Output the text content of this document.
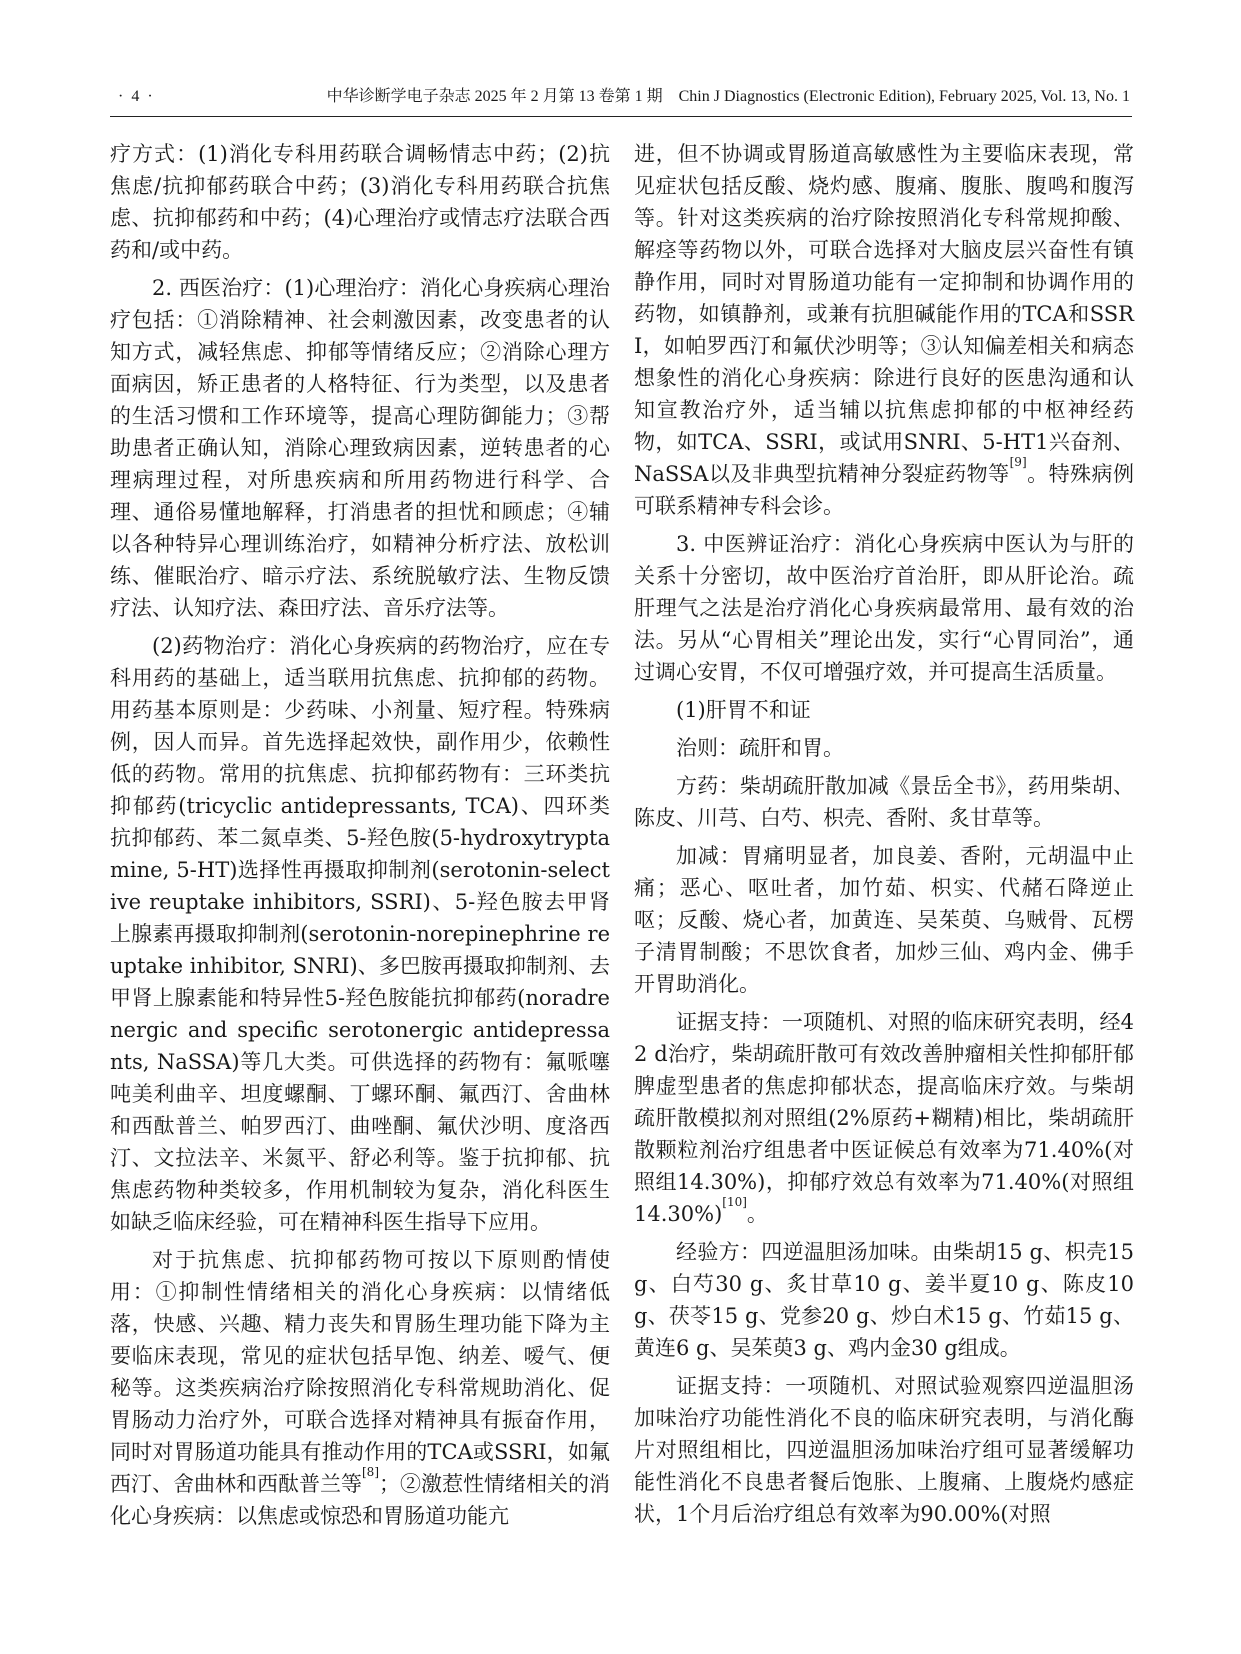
· 4 ·	中华诊断学电子杂志 2025 年 2 月第 13 卷第 1 期　Chin J Diagnostics (Electronic Edition), February 2025, Vol. 13, No. 1

疗方式：(1)消化专科用药联合调畅情志中药；(2)抗焦虑/抗抑郁药联合中药；(3)消化专科用药联合抗焦虑、抗抑郁药和中药；(4)心理治疗或情志疗法联合西药和/或中药。

2. 西医治疗：(1)心理治疗：消化心身疾病心理治疗包括：①消除精神、社会刺激因素，改变患者的认知方式，减轻焦虑、抑郁等情绪反应；②消除心理方面病因，矫正患者的人格特征、行为类型，以及患者的生活习惯和工作环境等，提高心理防御能力；③帮助患者正确认知，消除心理致病因素，逆转患者的心理病理过程，对所患疾病和所用药物进行科学、合理、通俗易懂地解释，打消患者的担忧和顾虑；④辅以各种特异心理训练治疗，如精神分析疗法、放松训练、催眠治疗、暗示疗法、系统脱敏疗法、生物反馈疗法、认知疗法、森田疗法、音乐疗法等。

(2)药物治疗：消化心身疾病的药物治疗，应在专科用药的基础上，适当联用抗焦虑、抗抑郁的药物。用药基本原则是：少药味、小剂量、短疗程。特殊病例，因人而异。首先选择起效快，副作用少，依赖性低的药物。常用的抗焦虑、抗抑郁药物有：三环类抗抑郁药(tricyclic antidepressants, TCA)、四环类抗抑郁药、苯二氮卓类、5-羟色胺(5-hydroxytryptamine, 5-HT)选择性再摄取抑制剂(serotonin-selective reuptake inhibitors, SSRI)、5-羟色胺去甲肾上腺素再摄取抑制剂(serotonin-norepinephrine reuptake inhibitor, SNRI)、多巴胺再摄取抑制剂、去甲肾上腺素能和特异性5-羟色胺能抗抑郁药(noradrenergic and specific serotonergic antidepressants, NaSSA)等几大类。可供选择的药物有：氟哌噻吨美利曲辛、坦度螺酮、丁螺环酮、氟西汀、舍曲林和西酞普兰、帕罗西汀、曲唑酮、氟伏沙明、度洛西汀、文拉法辛、米氮平、舒必利等。鉴于抗抑郁、抗焦虑药物种类较多，作用机制较为复杂，消化科医生如缺乏临床经验，可在精神科医生指导下应用。

对于抗焦虑、抗抑郁药物可按以下原则酌情使用：①抑制性情绪相关的消化心身疾病：以情绪低落，快感、兴趣、精力丧失和胃肠生理功能下降为主要临床表现，常见的症状包括早饱、纳差、嗳气、便秘等。这类疾病治疗除按照消化专科常规助消化、促胃肠动力治疗外，可联合选择对精神具有振奋作用，同时对胃肠道功能具有推动作用的TCA或SSRI，如氟西汀、舍曲林和西酞普兰等[8]；②激惹性情绪相关的消化心身疾病：以焦虑或惊恐和胃肠道功能亢

进，但不协调或胃肠道高敏感性为主要临床表现，常见症状包括反酸、烧灼感、腹痛、腹胀、腹鸣和腹泻等。针对这类疾病的治疗除按照消化专科常规抑酸、解痉等药物以外，可联合选择对大脑皮层兴奋性有镇静作用，同时对胃肠道功能有一定抑制和协调作用的药物，如镇静剂，或兼有抗胆碱能作用的TCA和SSRI，如帕罗西汀和氟伏沙明等；③认知偏差相关和病态想象性的消化心身疾病：除进行良好的医患沟通和认知宣教治疗外，适当辅以抗焦虑抑郁的中枢神经药物，如TCA、SSRI，或试用SNRI、5-HT1兴奋剂、NaSSA以及非典型抗精神分裂症药物等[9]。特殊病例可联系精神专科会诊。

3. 中医辨证治疗：消化心身疾病中医认为与肝的关系十分密切，故中医治疗首治肝，即从肝论治。疏肝理气之法是治疗消化心身疾病最常用、最有效的治法。另从“心胃相关”理论出发，实行“心胃同治”，通过调心安胃，不仅可增强疗效，并可提高生活质量。

(1)肝胃不和证

治则：疏肝和胃。

方药：柴胡疏肝散加减《景岳全书》，药用柴胡、陈皮、川芎、白芍、枳壳、香附、炙甘草等。

加减：胃痛明显者，加良姜、香附，元胡温中止痛；恶心、呕吐者，加竹茹、枳实、代赭石降逆止呕；反酸、烧心者，加黄连、吴茱萸、乌贼骨、瓦楞子清胃制酸；不思饮食者，加炒三仙、鸡内金、佛手开胃助消化。

证据支持：一项随机、对照的临床研究表明，经42 d治疗，柴胡疏肝散可有效改善肿瘤相关性抑郁肝郁脾虚型患者的焦虑抑郁状态，提高临床疗效。与柴胡疏肝散模拟剂对照组(2%原药+糊精)相比，柴胡疏肝散颗粒剂治疗组患者中医证候总有效率为71.40%(对照组14.30%)，抑郁疗效总有效率为71.40%(对照组14.30%)[10]。

经验方：四逆温胆汤加味。由柴胡15 g、枳壳15 g、白芍30 g、炙甘草10 g、姜半夏10 g、陈皮10 g、茯苓15 g、党参20 g、炒白术15 g、竹茹15 g、黄连6 g、吴茱萸3 g、鸡内金30 g组成。

证据支持：一项随机、对照试验观察四逆温胆汤加味治疗功能性消化不良的临床研究表明，与消化酶片对照组相比，四逆温胆汤加味治疗组可显著缓解功能性消化不良患者餐后饱胀、上腹痛、上腹烧灼感症状，1个月后治疗组总有效率为90.00%(对照
